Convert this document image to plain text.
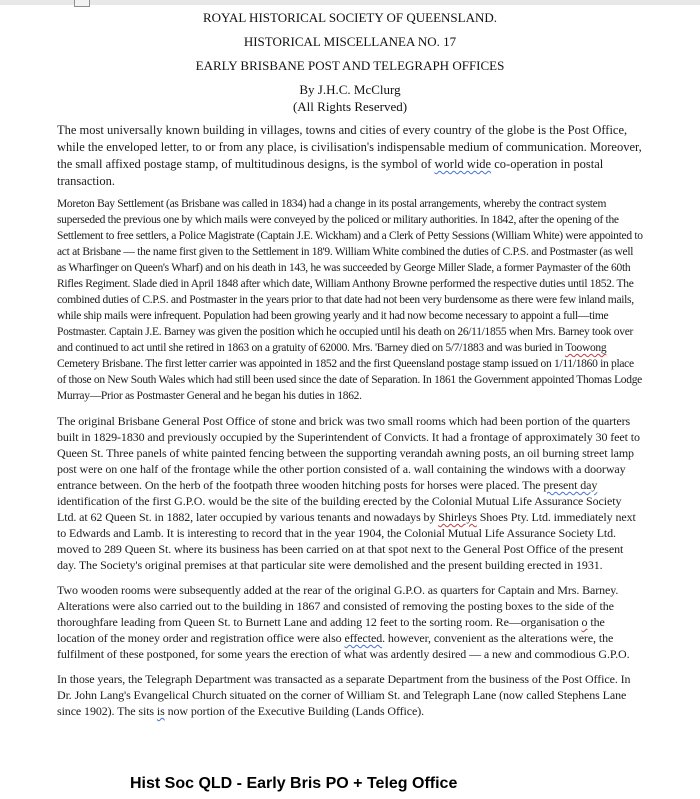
ROYAL HISTORICAL SOCIETY OF QUEENSLAND.
HISTORICAL MISCELLANEA NO. 17
EARLY BRISBANE POST AND TELEGRAPH OFFICES
By J.H.C. McClurg
(All Rights Reserved)

The most universally known building in villages, towns and cities of every country of the globe is the Post Office, while the enveloped letter, to or from any place, is civilisation's indispensable medium of communication. Moreover, the small affixed postage stamp, of multitudinous designs, is the symbol of world wide co-operation in postal transaction.

Moreton Bay Settlement (as Brisbane was called in 1834) had a change in its postal arrangements, whereby the contract system superseded the previous one by which mails were conveyed by the policed or military authorities. In 1842, after the opening of the Settlement to free settlers, a Police Magistrate (Captain J.E. Wickham) and a Clerk of Petty Sessions (William White) were appointed to act at Brisbane — the name first given to the Settlement in 18'9. William White combined the duties of C.P.S. and Postmaster (as well as Wharfinger on Queen's Wharf) and on his death in 143, he was succeeded by George Miller Slade, a former Paymaster of the 60th Rifles Regiment. Slade died in April 1848 after which date, William Anthony Browne performed the respective duties until 1852. The combined duties of C.P.S. and Postmaster in the years prior to that date had not been very burdensome as there were few inland mails, while ship mails were infrequent. Population had been growing yearly and it had now become necessary to appoint a full—time Postmaster. Captain J.E. Barney was given the position which he occupied until his death on 26/11/1855 when Mrs. Barney took over and continued to act until she retired in 1863 on a gratuity of 62000. Mrs. 'Barney died on 5/7/1883 and was buried in Toowong Cemetery Brisbane. The first letter carrier was appointed in 1852 and the first Queensland postage stamp issued on 1/11/1860 in place of those on New South Wales which had still been used since the date of Separation. In 1861 the Government appointed Thomas Lodge Murray—Prior as Postmaster General and he began his duties in 1862.

The original Brisbane General Post Office of stone and brick was two small rooms which had been portion of the quarters built in 1829-1830 and previously occupied by the Superintendent of Convicts. It had a frontage of approximately 30 feet to Queen St. Three panels of white painted fencing between the supporting verandah awning posts, an oil burning street lamp post were on one half of the frontage while the other portion consisted of a. wall containing the windows with a doorway entrance between. On the herb of the footpath three wooden hitching posts for horses were placed. The present day identification of the first G.P.O. would be the site of the building erected by the Colonial Mutual Life Assurance Society Ltd. at 62 Queen St. in 1882, later occupied by various tenants and nowadays by Shirleys Shoes Pty. Ltd. immediately next to Edwards and Lamb. It is interesting to record that in the year 1904, the Colonial Mutual Life Assurance Society Ltd. moved to 289 Queen St. where its business has been carried on at that spot next to the General Post Office of the present day. The Society's original premises at that particular site were demolished and the present building erected in 1931.

Two wooden rooms were subsequently added at the rear of the original G.P.O. as quarters for Captain and Mrs. Barney. Alterations were also carried out to the building in 1867 and consisted of removing the posting boxes to the side of the thoroughfare leading from Queen St. to Burnett Lane and adding 12 feet to the sorting room. Re—organisation o the location of the money order and registration office were also effected. however, convenient as the alterations were, the fulfilment of these postponed, for some years the erection of what was ardently desired — a new and commodious G.P.O.

In those years, the Telegraph Department was transacted as a separate Department from the business of the Post Office. In Dr. John Lang's Evangelical Church situated on the corner of William St. and Telegraph Lane (now called Stephens Lane since 1902). The sits is now portion of the Executive Building (Lands Office).

Hist Soc QLD - Early Bris PO + Teleg Office
